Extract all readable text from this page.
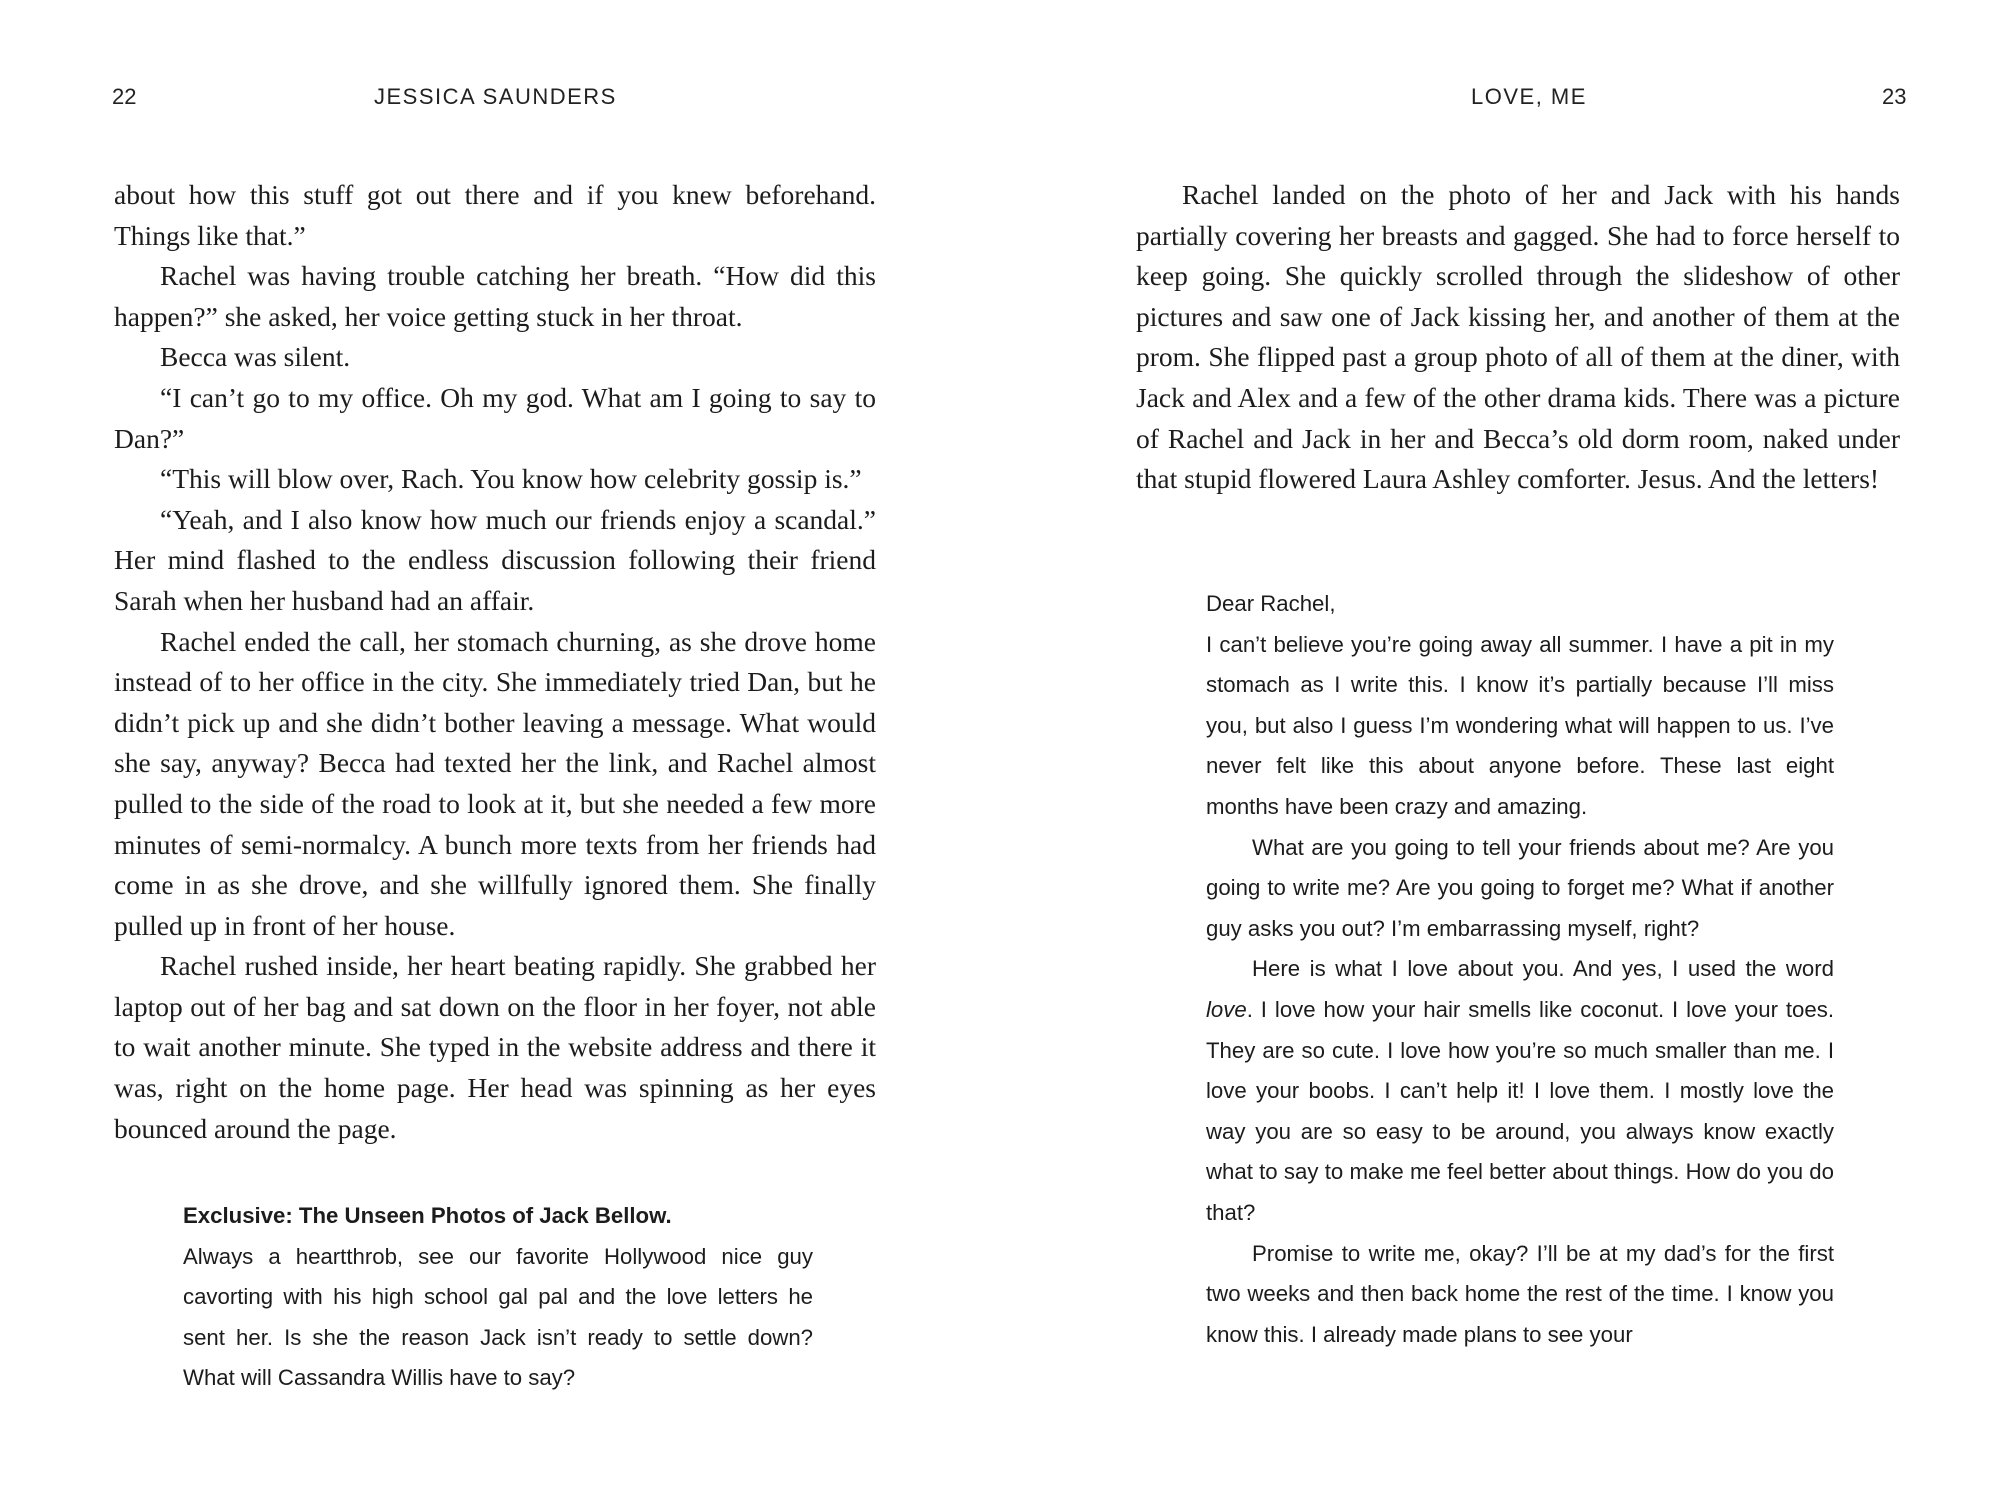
22	JESSICA SAUNDERS

about how this stuff got out there and if you knew beforehand. Things like that.”

Rachel was having trouble catching her breath. “How did this happen?” she asked, her voice getting stuck in her throat.

Becca was silent.

“I can’t go to my office. Oh my god. What am I going to say to Dan?”

“This will blow over, Rach. You know how celebrity gossip is.”

“Yeah, and I also know how much our friends enjoy a scandal.” Her mind flashed to the endless discussion following their friend Sarah when her husband had an affair.

Rachel ended the call, her stomach churning, as she drove home instead of to her office in the city. She immediately tried Dan, but he didn’t pick up and she didn’t bother leaving a message. What would she say, anyway? Becca had texted her the link, and Rachel almost pulled to the side of the road to look at it, but she needed a few more minutes of semi-normalcy. A bunch more texts from her friends had come in as she drove, and she willfully ignored them. She finally pulled up in front of her house.

Rachel rushed inside, her heart beating rapidly. She grabbed her laptop out of her bag and sat down on the floor in her foyer, not able to wait another minute. She typed in the website address and there it was, right on the home page. Her head was spinning as her eyes bounced around the page.

Exclusive: The Unseen Photos of Jack Bellow.

Always a heartthrob, see our favorite Hollywood nice guy cavorting with his high school gal pal and the love letters he sent her. Is she the reason Jack isn’t ready to settle down? What will Cassandra Willis have to say?

LOVE, ME	23

Rachel landed on the photo of her and Jack with his hands partially covering her breasts and gagged. She had to force herself to keep going. She quickly scrolled through the slideshow of other pictures and saw one of Jack kissing her, and another of them at the prom. She flipped past a group photo of all of them at the diner, with Jack and Alex and a few of the other drama kids. There was a picture of Rachel and Jack in her and Becca’s old dorm room, naked under that stupid flowered Laura Ashley comforter. Jesus. And the letters!

Dear Rachel,

I can’t believe you’re going away all summer. I have a pit in my stomach as I write this. I know it’s partially because I’ll miss you, but also I guess I’m wondering what will happen to us. I’ve never felt like this about anyone before. These last eight months have been crazy and amazing.

What are you going to tell your friends about me? Are you going to write me? Are you going to forget me? What if another guy asks you out? I’m embarrassing myself, right?

Here is what I love about you. And yes, I used the word love. I love how your hair smells like coconut. I love your toes. They are so cute. I love how you’re so much smaller than me. I love your boobs. I can’t help it! I love them. I mostly love the way you are so easy to be around, you always know exactly what to say to make me feel better about things. How do you do that?

Promise to write me, okay? I’ll be at my dad’s for the first two weeks and then back home the rest of the time. I know you know this. I already made plans to see your
